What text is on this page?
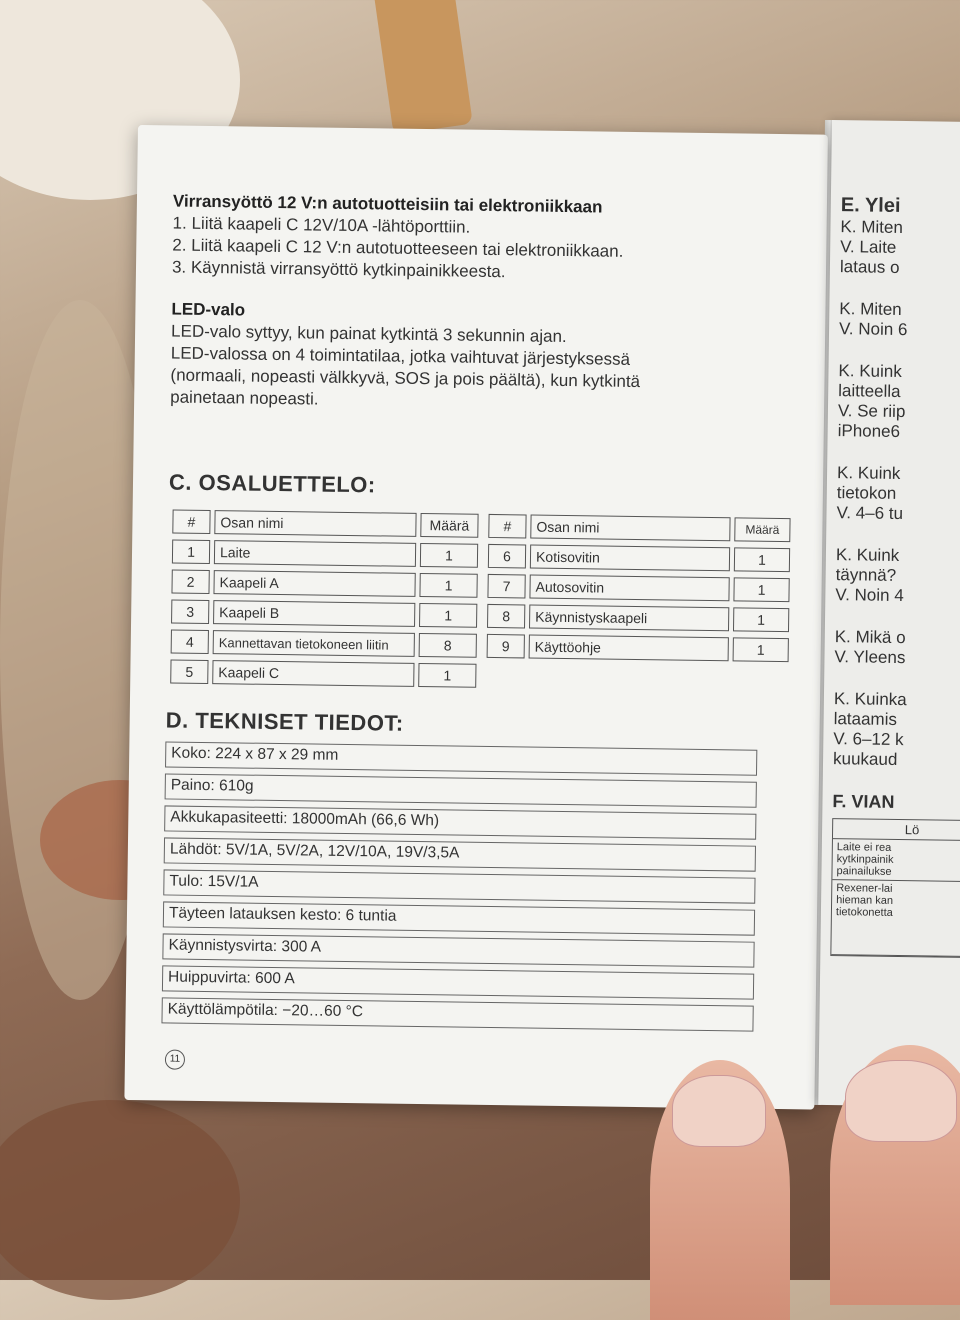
Virransyöttö 12 V:n autotuotteisiin tai elektroniikkaan

1. Liitä kaapeli C 12V/10A -lähtöporttiin.

2. Liitä kaapeli C 12 V:n autotuotteeseen tai elektroniikkaan.

3. Käynnistä virransyöttö kytkinpainikkeesta.

LED-valo

LED-valo syttyy, kun painat kytkintä 3 sekunnin ajan.

LED-valossa on 4 toimintatilaa, jotka vaihtuvat järjestyksessä

(normaali, nopeasti välkkyvä, SOS ja pois päältä), kun kytkintä

painetaan nopeasti.

C. OSALUETTELO:

#	Osan nimi	Määrä
1	Laite	1
2	Kaapeli A	1
3	Kaapeli B	1
4	Kannettavan tietokoneen liitin	8
5	Kaapeli C	1
#	Osan nimi	Määrä
6	Kotisovitin	1
7	Autosovitin	1
8	Käynnistyskaapeli	1
9	Käyttöohje	1

D. TEKNISET TIEDOT:

Koko: 224 x 87 x 29 mm
Paino: 610g
Akkukapasiteetti: 18000mAh (66,6 Wh)
Lähdöt: 5V/1A, 5V/2A, 12V/10A, 19V/3,5A
Tulo: 15V/1A
Täyteen latauksen kesto: 6 tuntia
Käynnistysvirta: 300 A
Huippuvirta: 600 A
Käyttölämpötila: −20…60 °C
11

E. Ylei

K. Miten

V. Laite

lataus o

K. Miten

V. Noin 6

K. Kuink

laitteella

V. Se riip

iPhone6

K. Kuink

tietokon

V. 4–6 tu

K. Kuink

täynnä?

V. Noin 4

K. Mikä o

V. Yleens

K. Kuinka

lataamis

V. 6–12 k

kuukaud

F. VIAN

Lö
Laite ei rea
kytkinpainik
painailukse
Rexener-lai
hieman kan
tietokonetta
